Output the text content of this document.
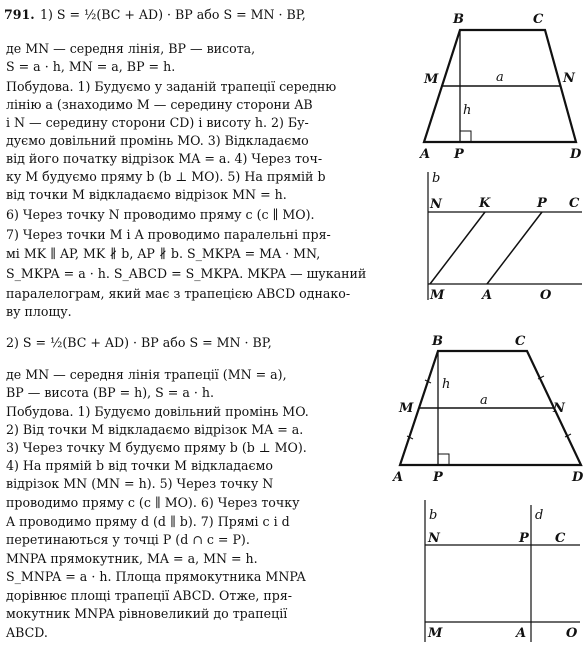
791. 1) S = ½(BC + AD) · BP або S = MN · BP,
де MN — середня лінія, BP — висота,
S = a · h, MN = a, BP = h.
Побудова. 1) Будуємо у заданій трапеції середню
лінію a (знаходимо M — середину сторони AB
і N — середину сторони CD) і висоту h. 2) Бу-
дуємо довільний промінь MO. 3) Відкладаємо
від його початку відрізок MA = a. 4) Через точ-
ку M будуємо пряму b (b ⊥ MO). 5) На прямій b
від точки M відкладаємо відрізок MN = h.
6) Через точку N проводимо пряму c (c ∥ MO).
7) Через точки M і A проводимо паралельні пря-
мі MK ∥ AP, MK ∦ b, AP ∦ b. S_MKPA = MA · MN,
S_MKPA = a · h. S_ABCD = S_MKPA. MKPA — шуканий
паралелограм, який має з трапецією ABCD однако-
ву площу.
2) S = ½(BC + AD) · BP або S = MN · BP,
де MN — середня лінія трапеції (MN = a),
BP — висота (BP = h), S = a · h.
Побудова. 1) Будуємо довільний промінь MO.
2) Від точки M відкладаємо відрізок MA = a.
3) Через точку M будуємо пряму b (b ⊥ MO).
4) На прямій b від точки M відкладаємо
відрізок MN (MN = h). 5) Через точку N
проводимо пряму c (c ∥ MO). 6) Через точку
A проводимо пряму d (d ∥ b). 7) Прямі c і d
перетинаються у точці P (d ∩ c = P).
MNPA прямокутник, MA = a, MN = h.
S_MNPA = a · h. Площа прямокутника MNPA
дорівнює площі трапеції ABCD. Отже, пря-
мокутник MNPA рівновеликий до трапеції
ABCD.
B	C
M	a	N
h
A P	D
b
N	K	P C
M	A	O
B	C
h
M
a
N
A P	D
b	d
N	P C
M	A	O
